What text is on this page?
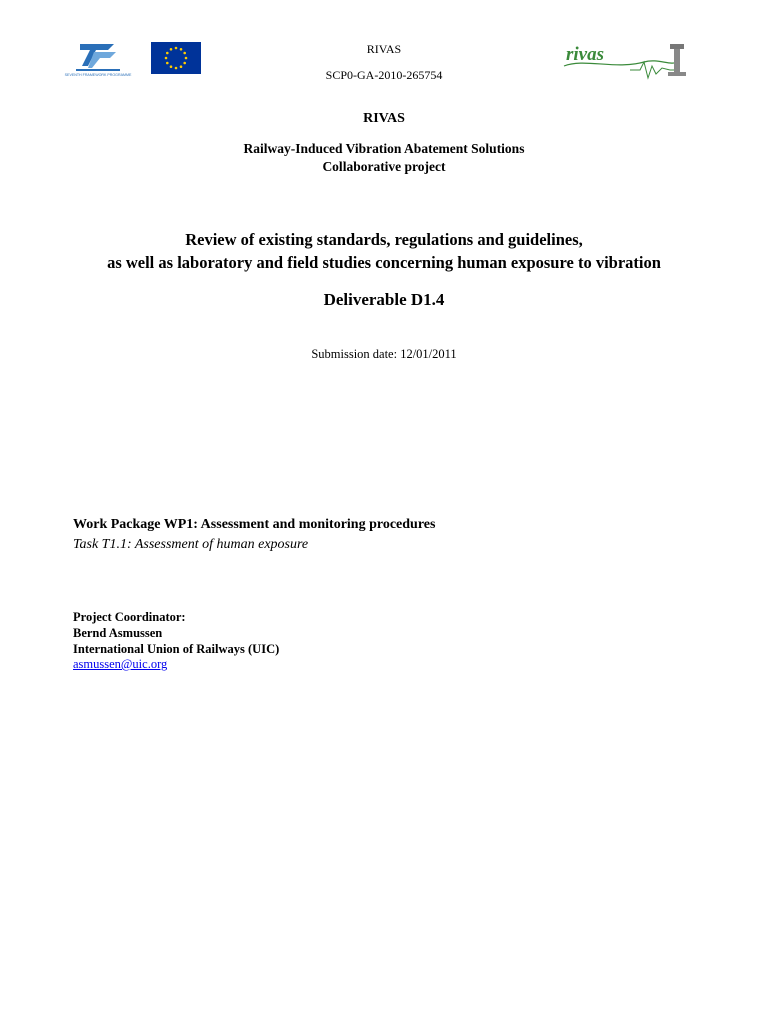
SEVENTH FRAMEWORK PROGRAMME
RIVAS
SCP0-GA-2010-265754
rivas
RIVAS
Railway-Induced Vibration Abatement Solutions
Collaborative project
Review of existing standards, regulations and guidelines,
as well as laboratory and field studies concerning human exposure to vibration
Deliverable D1.4
Submission date: 12/01/2011
Work Package WP1: Assessment and monitoring procedures
Task T1.1: Assessment of human exposure
Project Coordinator:
Bernd Asmussen
International Union of Railways (UIC)
asmussen@uic.org
